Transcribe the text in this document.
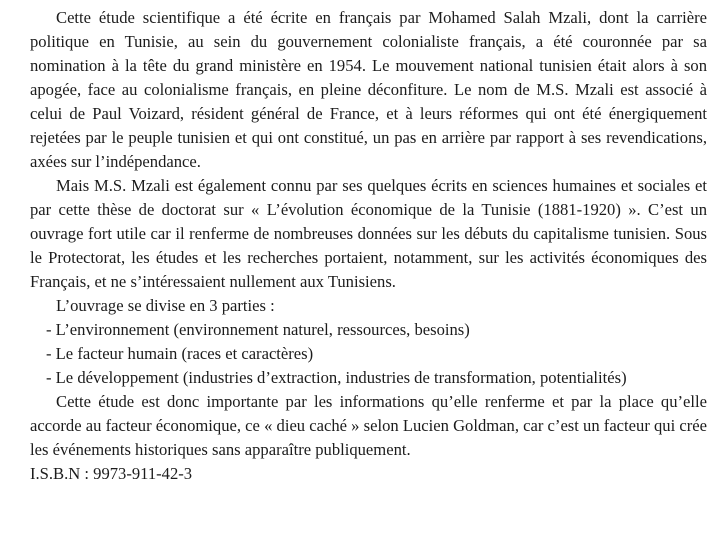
Cette étude scientifique a été écrite en français par Mohamed Salah Mzali, dont la carrière politique en Tunisie, au sein du gouvernement colonialiste français, a été couronnée par sa nomination à la tête du grand ministère en 1954. Le mouvement national tunisien était alors à son apogée, face au colonialisme français, en pleine déconfiture. Le nom de M.S. Mzali est associé à celui de Paul Voizard, résident général de France, et à leurs réformes qui ont été énergiquement rejetées par le peuple tunisien et qui ont constitué, un pas en arrière par rapport à ses revendications, axées sur l’indépendance.

Mais M.S. Mzali est également connu par ses quelques écrits en sciences humaines et sociales et par cette thèse de doctorat sur « L’évolution économique de la Tunisie (1881-1920) ». C’est un ouvrage fort utile car il renferme de nombreuses données sur les débuts du capitalisme tunisien. Sous le Protectorat, les études et les recherches portaient, notamment, sur les activités économiques des Français, et ne s’intéressaient nullement aux Tunisiens.

L’ouvrage se divise en 3 parties :

- L’environnement (environnement naturel, ressources, besoins)
- Le facteur humain (races et caractères)
- Le développement (industries d’extraction, industries de transformation, potentialités)

Cette étude est donc importante par les informations qu’elle renferme et par la place qu’elle accorde au facteur économique, ce « dieu caché » selon Lucien Goldman, car c’est un facteur qui crée les événements historiques sans apparaître publiquement.

I.S.B.N : 9973-911-42-3
